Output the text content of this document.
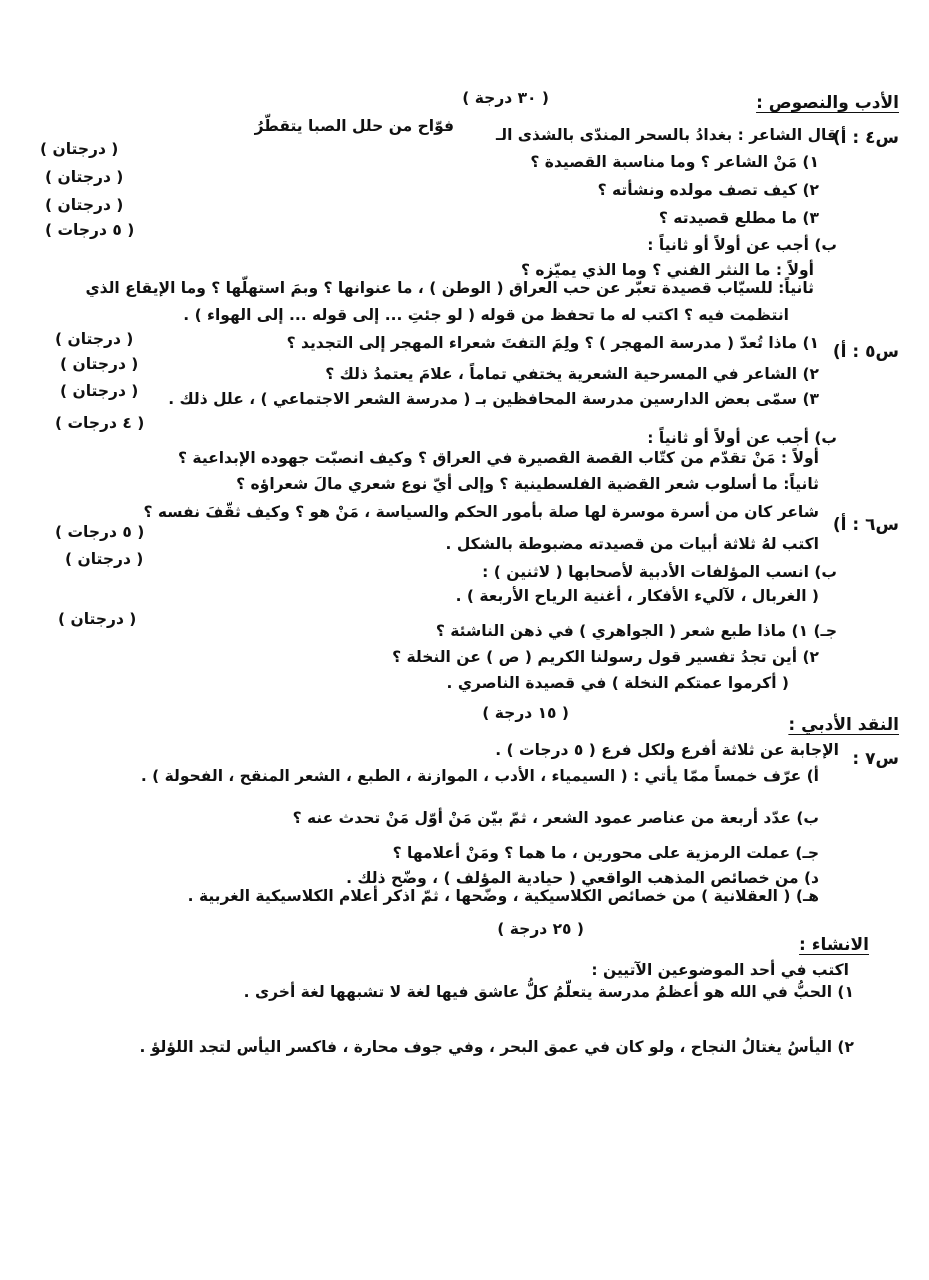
الأدب والنصوص :
( ٣٠ درجة )
س٤ : أ)
قال الشاعر : بغدادُ بالسحر المندّى بالشذى الـ
فوّاح من حلل الصبا يتقطّرُ
١) مَنْ الشاعر ؟ وما مناسبة القصيدة ؟
٢) كيف تصف مولده ونشأته ؟
٣) ما مطلع قصيدته ؟
ب) أجب عن أولاً أو ثانياً :
أولاً : ما النثر الفني ؟ وما الذي يميّزه ؟
ثانياً: للسيّاب قصيدة تعبّر عن حب العراق ( الوطن ) ، ما عنوانها ؟ وبمَ استهلّها ؟ وما الإيقاع الذي
انتظمت فيه ؟ اكتب له ما تحفظ من قوله ( لو جئتِ ... إلى قوله ... إلى الهواء ) .
( درجتان )
( درجتان )
( درجتان )
( ٥ درجات )
س٥ : أ)
١) ماذا تُعدّ ( مدرسة المهجر ) ؟ ولِمَ التفتَ شعراء المهجر إلى التجديد ؟
٢) الشاعر في المسرحية الشعرية يختفي تماماً ، علامَ يعتمدُ ذلك ؟
٣) سمّى بعض الدارسين مدرسة المحافظين بـ ( مدرسة الشعر الاجتماعي ) ، علل ذلك .
ب) أجب عن أولاً أو ثانياً :
أولاً : مَنْ تقدّم من كتّاب القصة القصيرة في العراق ؟ وكيف انصبّت جهوده الإبداعية ؟
ثانياً: ما أسلوب شعر القضية الفلسطينية ؟ وإلى أيّ نوع شعري مالَ شعراؤه ؟
( درجتان )
( درجتان )
( درجتان )
( ٤ درجات )
س٦ : أ)
شاعر كان من أسرة موسرة لها صلة بأمور الحكم والسياسة ، مَنْ هو ؟ وكيف ثقّفَ نفسه ؟
اكتب لهُ ثلاثة أبيات من قصيدته مضبوطة بالشكل .
ب) انسب المؤلفات الأدبية لأصحابها ( لاثنين ) :
( الغربال ، لآليء الأفكار ، أغنية الرياح الأربعة ) .
جـ) ١) ماذا طبع شعر ( الجواهري ) في ذهن الناشئة ؟
٢) أين تجدُ تفسير قول رسولنا الكريم ( ص ) عن النخلة ؟
( أكرموا عمتكم النخلة ) في قصيدة الناصري .
( ٥ درجات )
( درجتان )
( درجتان )
( ١٥ درجة )
النقد الأدبي :
س٧ :
الإجابة عن ثلاثة أفرع ولكل فرع ( ٥ درجات ) .
أ) عرّف خمساً ممّا يأتي : ( السيمياء ، الأدب ، الموازنة ، الطبع ، الشعر المنقح ، الفحولة ) .
ب) عدّد أربعة من عناصر عمود الشعر ، ثمّ بيّن مَنْ أوّل مَنْ تحدث عنه ؟
جـ) عملت الرمزية على محورين ، ما هما ؟ ومَنْ أعلامها ؟
د) من خصائص المذهب الواقعي ( حيادية المؤلف ) ، وضّح ذلك .
هـ) ( العقلانية ) من خصائص الكلاسيكية ، وضّحها ، ثمّ اذكر أعلام الكلاسيكية الغربية .
( ٢٥ درجة )
الانشاء :
اكتب في أحد الموضوعين الآتيين :
١) الحبُّ في الله هو أعظمُ مدرسة يتعلّمُ كلُّ عاشق فيها لغة لا تشبهها لغة أخرى .
٢) اليأسُ يغتالُ النجاح ، ولو كان في عمق البحر ، وفي جوف محارة ، فاكسر اليأس لتجد اللؤلؤ .
